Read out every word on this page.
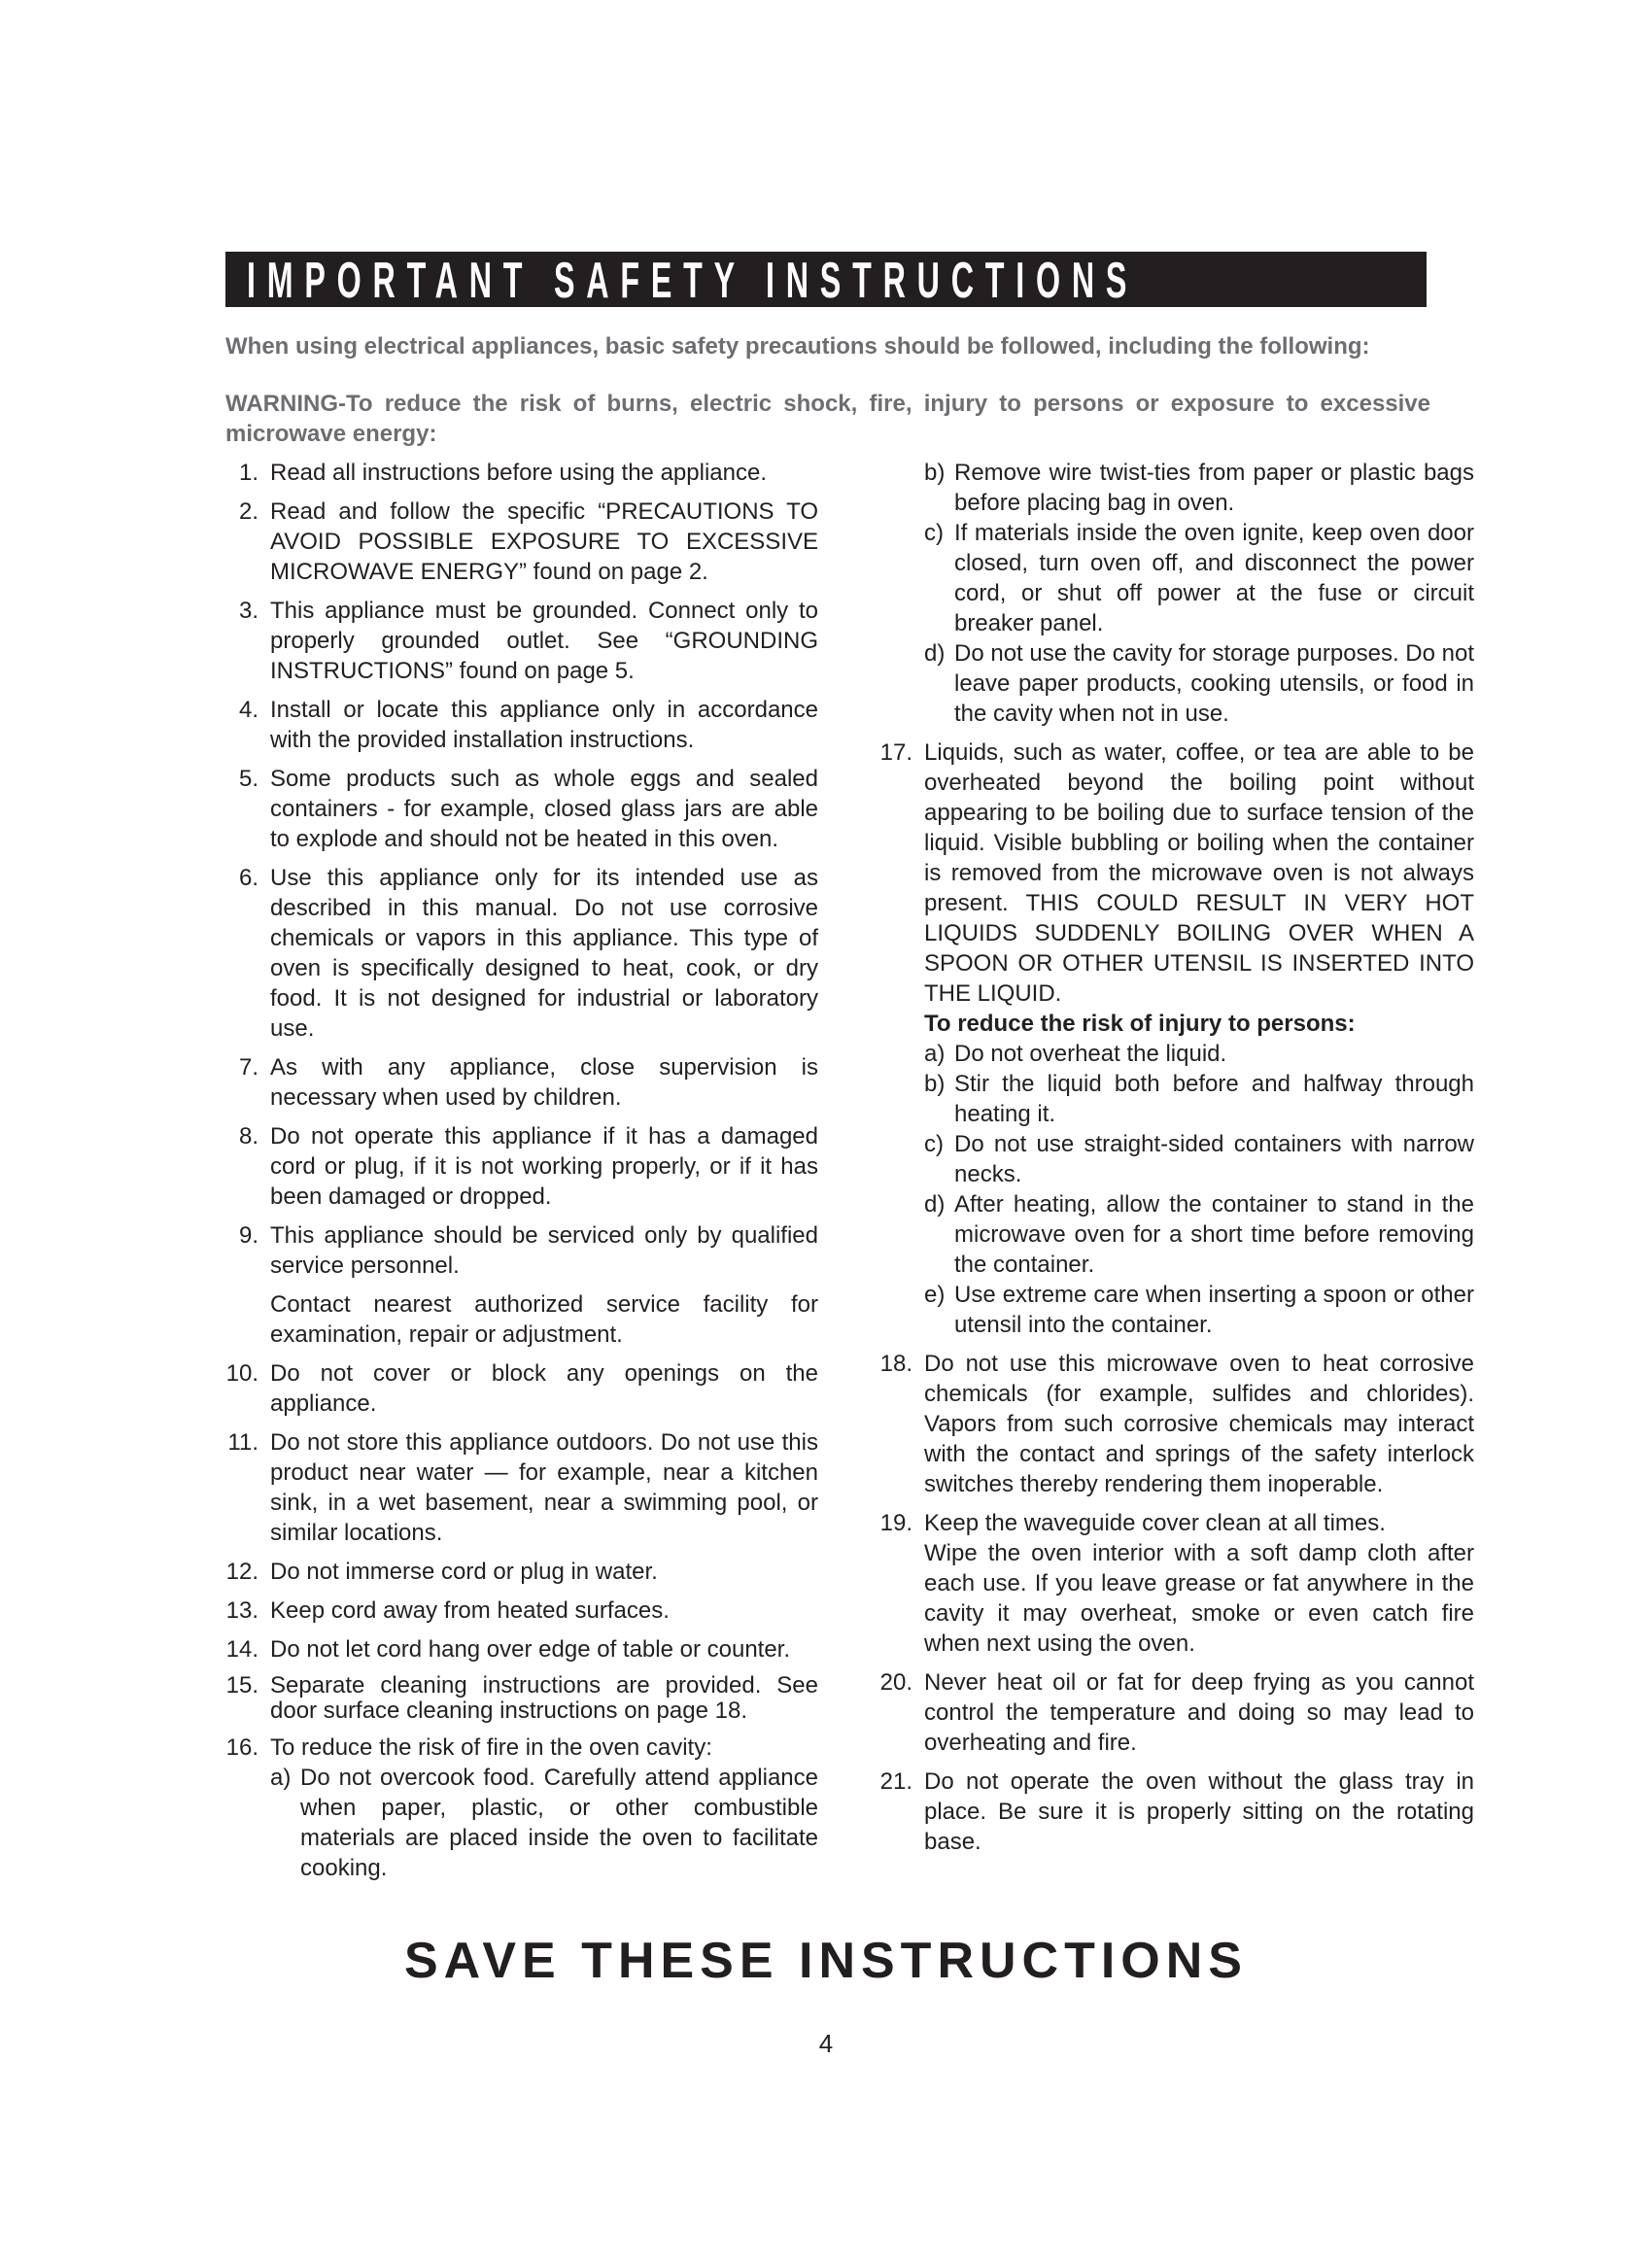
IMPORTANT SAFETY INSTRUCTIONS
When using electrical appliances, basic safety precautions should be followed, including the following:
WARNING-To reduce the risk of burns, electric shock, fire, injury to persons or exposure to excessive microwave energy:
1. Read all instructions before using the appliance.

2. Read and follow the specific “PRECAUTIONS TO AVOID POSSIBLE EXPOSURE TO EXCESSIVE MICROWAVE ENERGY” found on page 2.

3. This appliance must be grounded. Connect only to properly grounded outlet. See “GROUNDING INSTRUCTIONS” found on page 5.

4. Install or locate this appliance only in accordance with the provided installation instructions.

5. Some products such as whole eggs and sealed containers - for example, closed glass jars are able to explode and should not be heated in this oven.

6. Use this appliance only for its intended use as described in this manual. Do not use corrosive chemicals or vapors in this appliance. This type of oven is specifically designed to heat, cook, or dry food. It is not designed for industrial or laboratory use.

7. As with any appliance, close supervision is necessary when used by children.

8. Do not operate this appliance if it has a damaged cord or plug, if it is not working properly, or if it has been damaged or dropped.

9. This appliance should be serviced only by qualified service personnel.

Contact nearest authorized service facility for examination, repair or adjustment.

10. Do not cover or block any openings on the appliance.

11. Do not store this appliance outdoors. Do not use this product near water — for example, near a kitchen sink, in a wet basement, near a swimming pool, or similar locations.

12. Do not immerse cord or plug in water.

13. Keep cord away from heated surfaces.

14. Do not let cord hang over edge of table or counter.

15. Separate cleaning instructions are provided. See door surface cleaning instructions on page 18.

16. To reduce the risk of fire in the oven cavity:

a) Do not overcook food. Carefully attend appliance when paper, plastic, or other combustible materials are placed inside the oven to facilitate cooking.

b) Remove wire twist-ties from paper or plastic bags before placing bag in oven.

c) If materials inside the oven ignite, keep oven door closed, turn oven off, and disconnect the power cord, or shut off power at the fuse or circuit breaker panel.

d) Do not use the cavity for storage purposes. Do not leave paper products, cooking utensils, or food in the cavity when not in use.

17. Liquids, such as water, coffee, or tea are able to be overheated beyond the boiling point without appearing to be boiling due to surface tension of the liquid. Visible bubbling or boiling when the container is removed from the microwave oven is not always present. THIS COULD RESULT IN VERY HOT LIQUIDS SUDDENLY BOILING OVER WHEN A SPOON OR OTHER UTENSIL IS INSERTED INTO THE LIQUID.

To reduce the risk of injury to persons:

a) Do not overheat the liquid.

b) Stir the liquid both before and halfway through heating it.

c) Do not use straight-sided containers with narrow necks.

d) After heating, allow the container to stand in the microwave oven for a short time before removing the container.

e) Use extreme care when inserting a spoon or other utensil into the container.

18. Do not use this microwave oven to heat corrosive chemicals (for example, sulfides and chlorides). Vapors from such corrosive chemicals may interact with the contact and springs of the safety interlock switches thereby rendering them inoperable.

19. Keep the waveguide cover clean at all times.

Wipe the oven interior with a soft damp cloth after each use. If you leave grease or fat anywhere in the cavity it may overheat, smoke or even catch fire when next using the oven.

20. Never heat oil or fat for deep frying as you cannot control the temperature and doing so may lead to overheating and fire.

21. Do not operate the oven without the glass tray in place. Be sure it is properly sitting on the rotating base.

SAVE THESE INSTRUCTIONS
4
